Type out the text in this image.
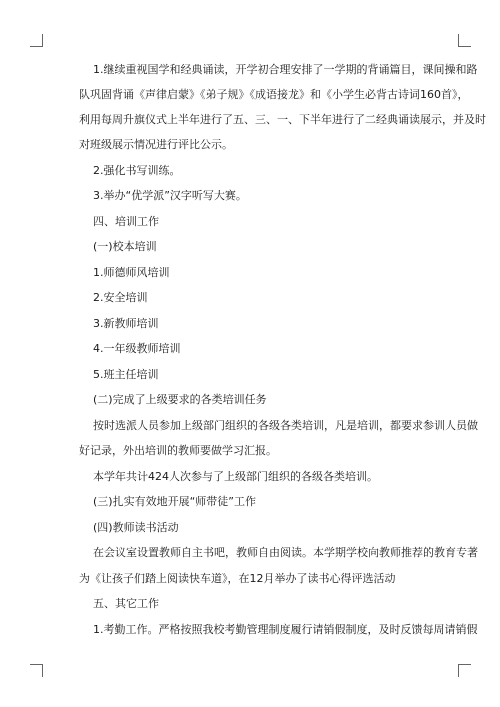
1.继续重视国学和经典诵读，开学初合理安排了一学期的背诵篇目，课间操和路
队巩固背诵《声律启蒙》《弟子规》《成语接龙》和《小学生必背古诗词160首》，
利用每周升旗仪式上半年进行了五、三、一、下半年进行了二经典诵读展示，并及时
对班级展示情况进行评比公示。
2.强化书写训练。
3.举办“优学派”汉字听写大赛。
四、培训工作
(一)校本培训
1.师德师风培训
2.安全培训
3.新教师培训
4.一年级教师培训
5.班主任培训
(二)完成了上级要求的各类培训任务
按时选派人员参加上级部门组织的各级各类培训，凡是培训，都要求参训人员做
好记录，外出培训的教师要做学习汇报。
本学年共计424人次参与了上级部门组织的各级各类培训。
(三)扎实有效地开展“师带徒”工作
(四)教师读书活动
在会议室设置教师自主书吧，教师自由阅读。本学期学校向教师推荐的教育专著
为《让孩子们踏上阅读快车道》，在12月举办了读书心得评选活动
五、其它工作
1.考勤工作。严格按照我校考勤管理制度履行请销假制度，及时反馈每周请销假
